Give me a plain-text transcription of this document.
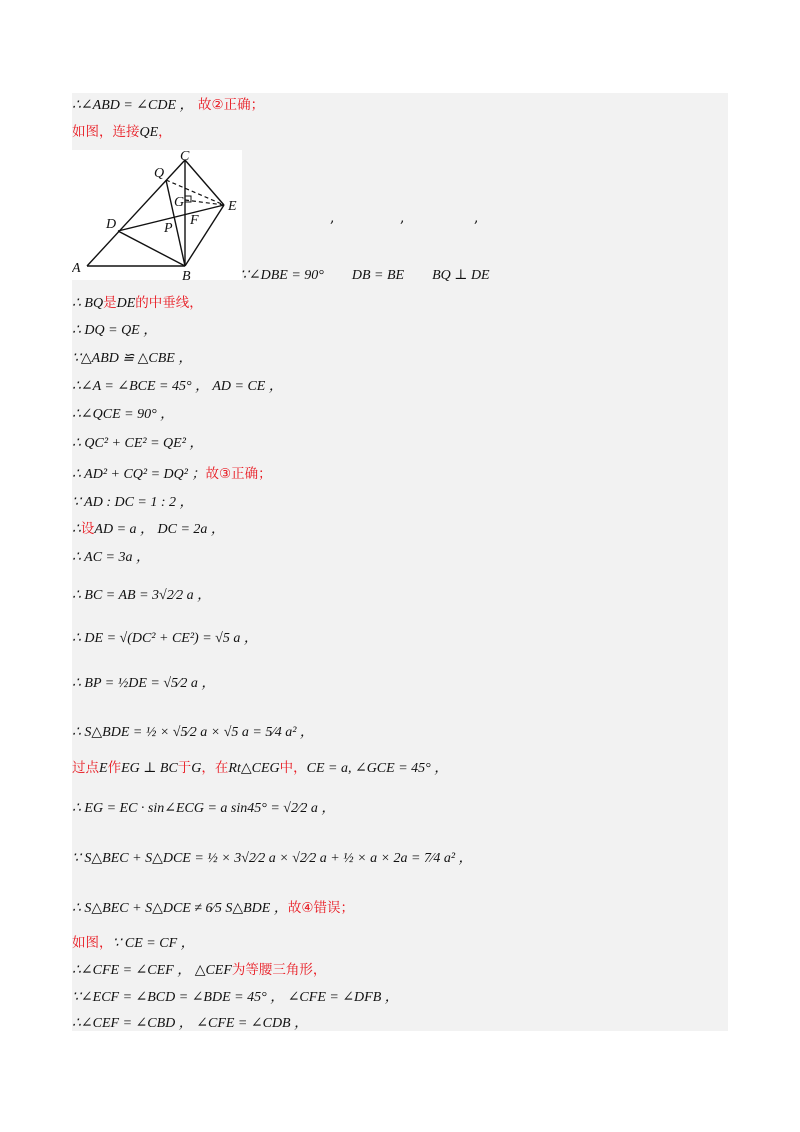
∴∠ABD = ∠CDE ， 故②正确；
如图，连接QE，
C
Q
G	E
D	F
P
A
B
,	,	,
∵∠DBE = 90°　　DB = BE　　BQ ⊥ DE
∴ BQ是DE的中垂线，
∴ DQ = QE ，
∵△ABD ≌ △CBE ，
∴∠A = ∠BCE = 45° ， AD = CE ，
∴∠QCE = 90° ，
∴ QC² + CE² = QE² ，
∴ AD² + CQ² = DQ² ；故③正确；
∵ AD : DC = 1 : 2 ，
∴设AD = a ， DC = 2a ，
∴ AC = 3a ，
∴ BC = AB = 3√2⁄2 a ，
∴ DE = √(DC² + CE²) = √5 a ，
∴ BP = ½DE = √5⁄2 a ，
∴ S△BDE = ½ × √5⁄2 a × √5 a = 5⁄4 a² ，
过点E作EG ⊥ BC于G，在Rt△CEG中，CE = a, ∠GCE = 45° ，
∴ EG = EC · sin∠ECG = a sin45° = √2⁄2 a ，
∵ S△BEC + S△DCE = ½ × 3√2⁄2 a × √2⁄2 a + ½ × a × 2a = 7⁄4 a² ，
∴ S△BEC + S△DCE ≠ 6⁄5 S△BDE ，故④错误；
如图，∵ CE = CF ，
∴∠CFE = ∠CEF ， △CEF为等腰三角形，
∵∠ECF = ∠BCD = ∠BDE = 45° ， ∠CFE = ∠DFB ，
∴∠CEF = ∠CBD ， ∠CFE = ∠CDB ，
